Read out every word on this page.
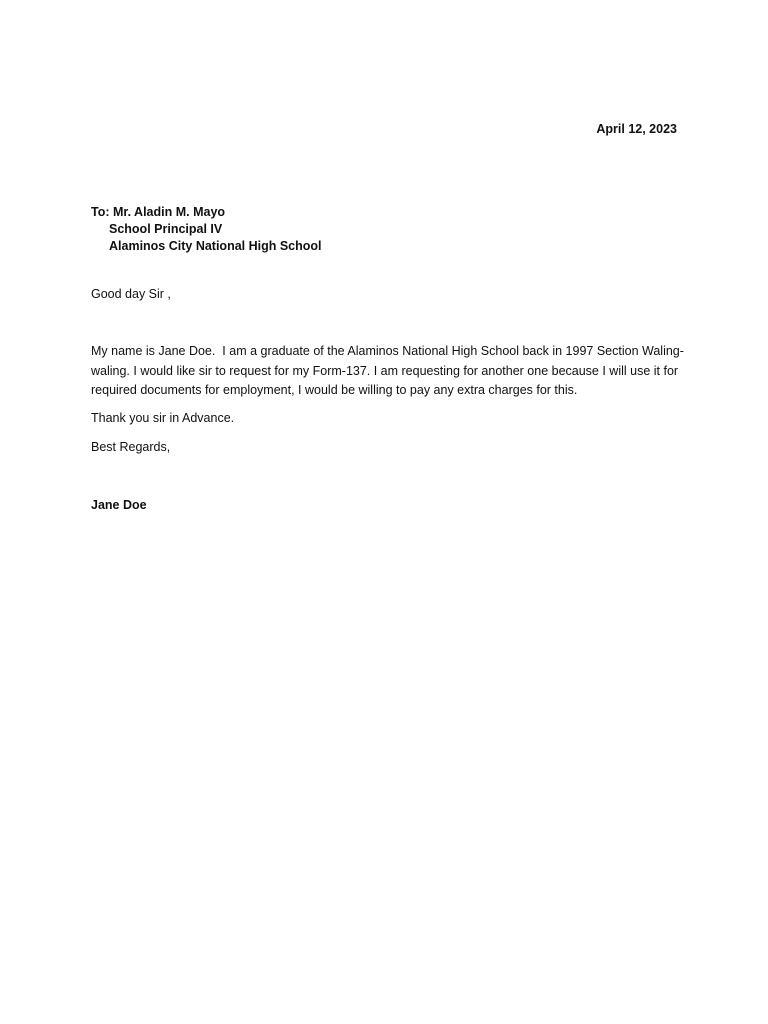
April 12, 2023
To: Mr. Aladin M. Mayo
School Principal IV
Alaminos City National High School
Good day Sir ,
My name is Jane Doe.  I am a graduate of the Alaminos National High School back in 1997 Section Waling-waling. I would like sir to request for my Form-137. I am requesting for another one because I will use it for required documents for employment, I would be willing to pay any extra charges for this.
Thank you sir in Advance.
Best Regards,
Jane Doe
